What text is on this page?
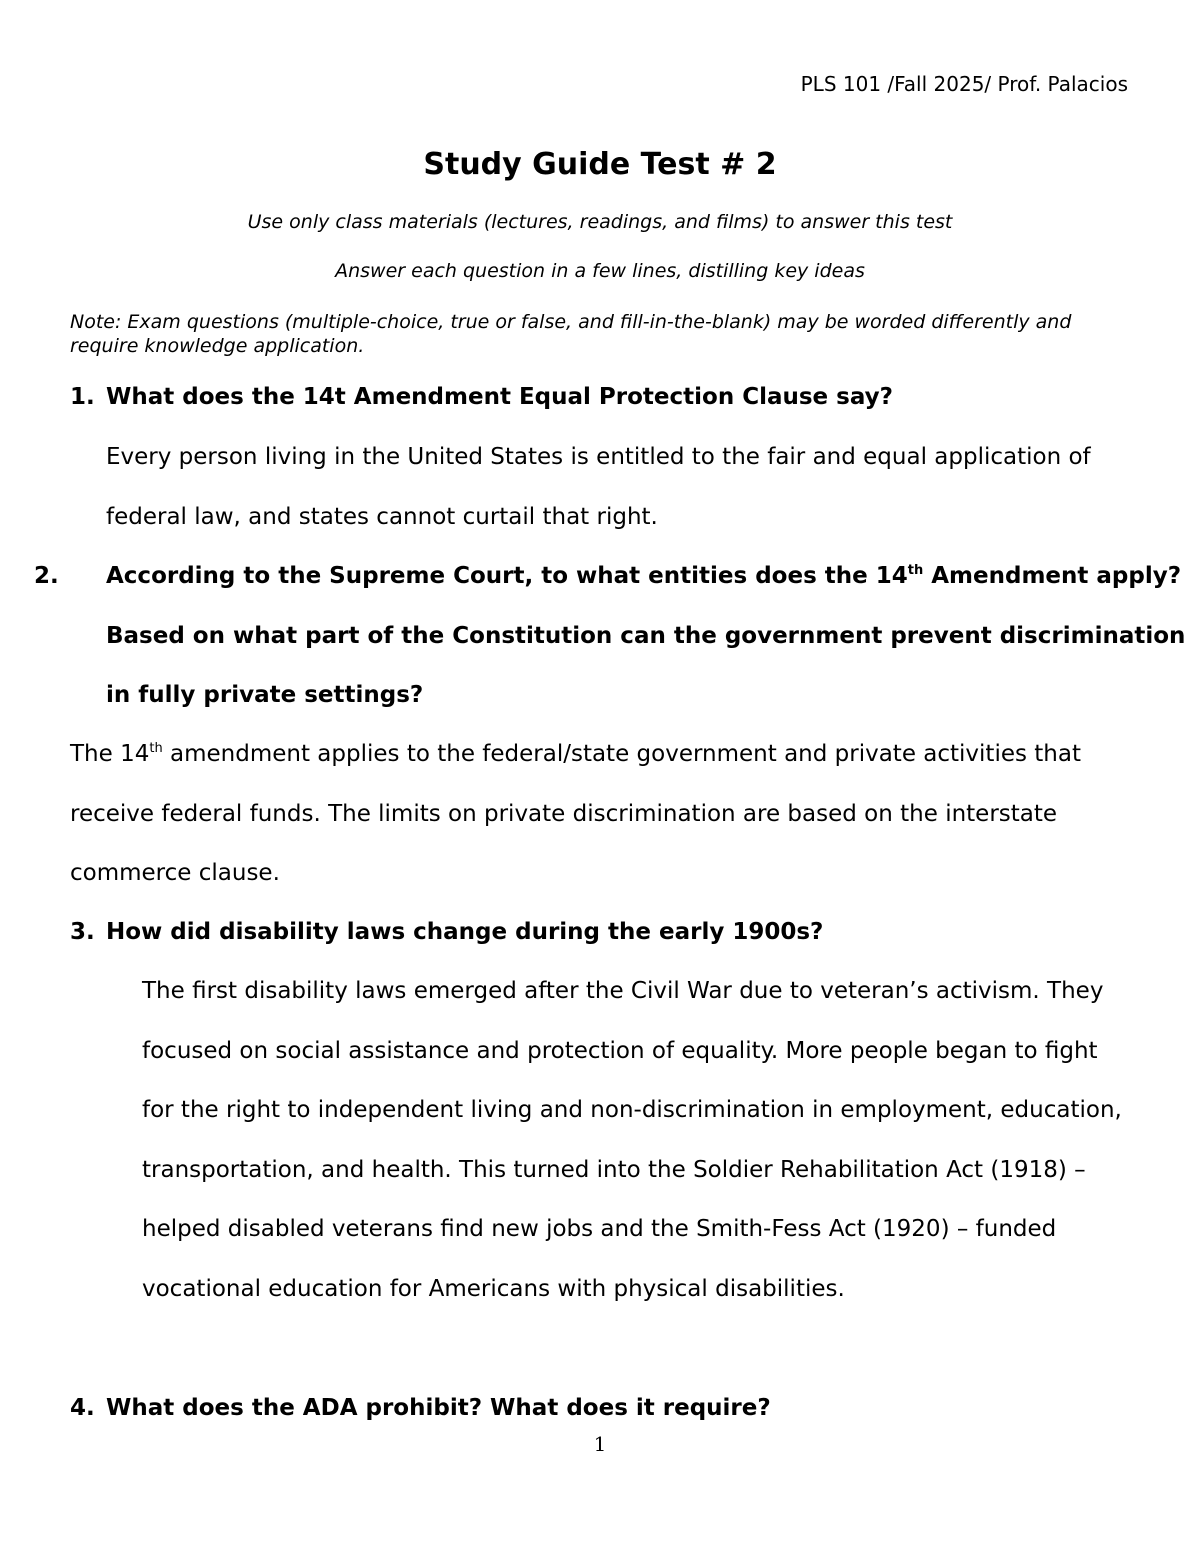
PLS 101 /Fall 2025/ Prof. Palacios
Study Guide Test # 2
Use only class materials (lectures, readings, and films) to answer this test
Answer each question in a few lines, distilling key ideas
Note: Exam questions (multiple-choice, true or false, and fill-in-the-blank) may be worded differently and require knowledge application.
1. What does the 14t Amendment Equal Protection Clause say?
Every person living in the United States is entitled to the fair and equal application of federal law, and states cannot curtail that right.
2. According to the Supreme Court, to what entities does the 14th Amendment apply? Based on what part of the Constitution can the government prevent discrimination in fully private settings?
The 14th amendment applies to the federal/state government and private activities that receive federal funds. The limits on private discrimination are based on the interstate commerce clause.
3. How did disability laws change during the early 1900s?
The first disability laws emerged after the Civil War due to veteran’s activism. They focused on social assistance and protection of equality. More people began to fight for the right to independent living and non-discrimination in employment, education, transportation, and health. This turned into the Soldier Rehabilitation Act (1918) – helped disabled veterans find new jobs and the Smith-Fess Act (1920) – funded vocational education for Americans with physical disabilities.
4. What does the ADA prohibit? What does it require?
1
